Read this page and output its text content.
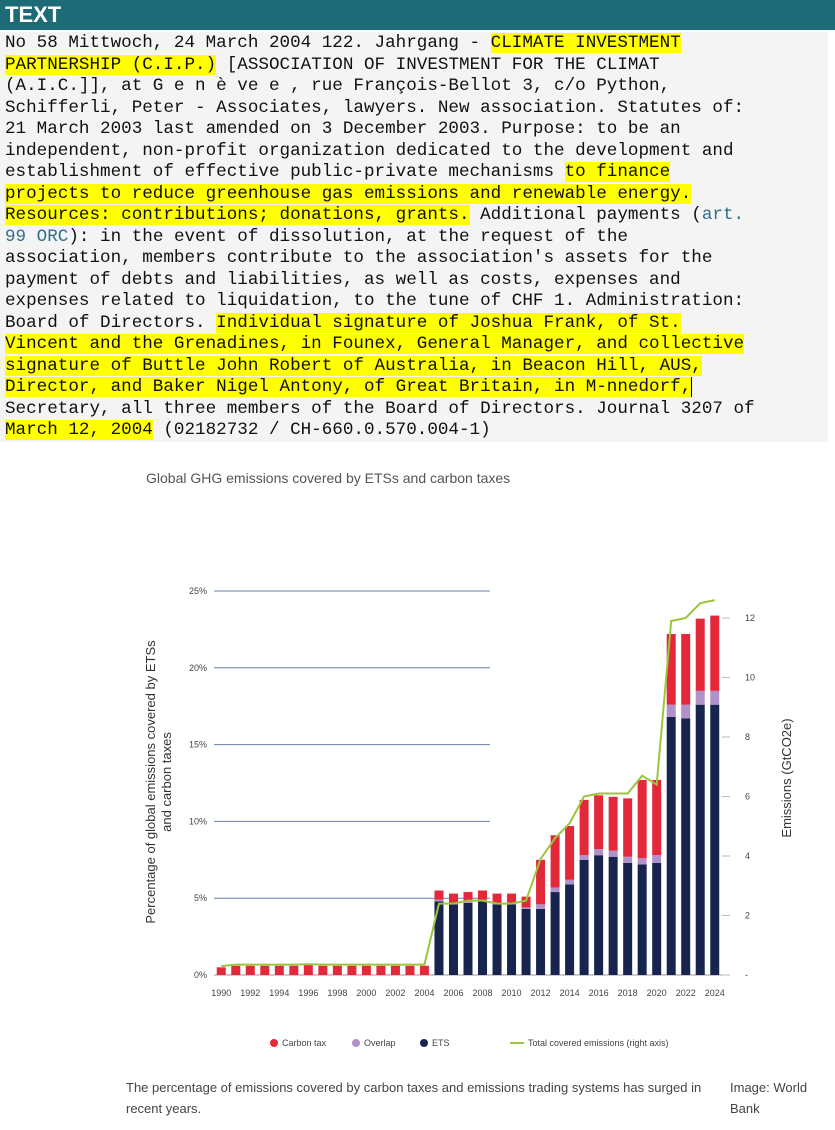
TEXT
No 58 Mittwoch, 24 March 2004 122. Jahrgang - CLIMATE INVESTMENT
PARTNERSHIP (C.I.P.) [ASSOCIATION OF INVESTMENT FOR THE CLIMAT
(A.I.C.]], at G e n è ve e , rue François-Bellot 3, c/o Python,
Schifferli, Peter - Associates, lawyers. New association. Statutes of:
21 March 2003 last amended on 3 December 2003. Purpose: to be an
independent, non-profit organization dedicated to the development and
establishment of effective public-private mechanisms to finance
projects to reduce greenhouse gas emissions and renewable energy.
Resources: contributions; donations, grants. Additional payments (art.
99 ORC): in the event of dissolution, at the request of the
association, members contribute to the association's assets for the
payment of debts and liabilities, as well as costs, expenses and
expenses related to liquidation, to the tune of CHF 1. Administration:
Board of Directors. Individual signature of Joshua Frank, of St.
Vincent and the Grenadines, in Founex, General Manager, and collective
signature of Buttle John Robert of Australia, in Beacon Hill, AUS,
Director, and Baker Nigel Antony, of Great Britain, in M-nnedorf,
Secretary, all three members of the Board of Directors. Journal 3207 of
March 12, 2004 (02182732 / CH-660.0.570.004-1)
Global GHG emissions covered by ETSs and carbon taxes
0%
5%
10%
15%
20%
25%
-
2
4
6
8
10
12
1990 1992 1994 1996 1998 2000 2002 2004 2006 2008 2010 2012 2014 2016 2018 2020 2022 2024
Percentage of global emissions covered by ETSsand carbon taxes	Emissions (GtCO2e)
Carbon tax	Overlap	ETS	Total covered emissions (right axis)
The percentage of emissions covered by carbon taxes and emissions trading systems has surged in recent years.
Image: World Bank
